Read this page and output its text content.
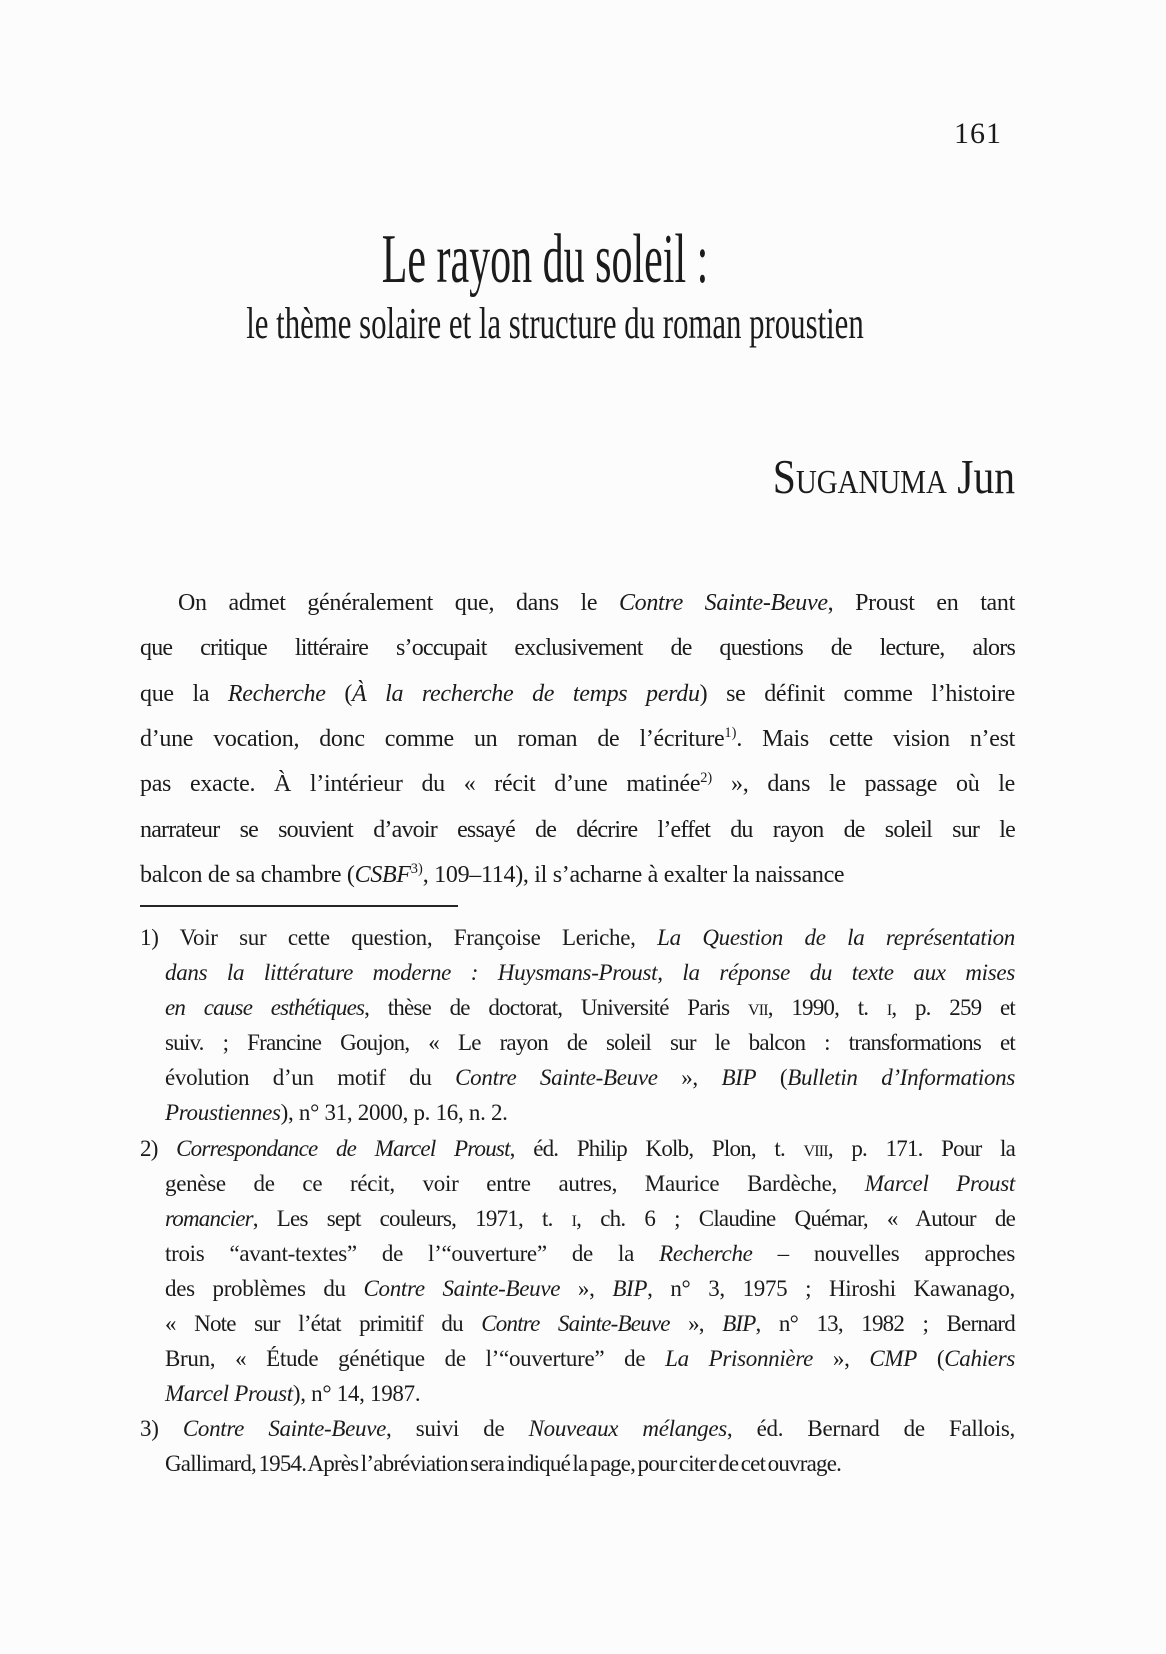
161
Le rayon du soleil :
le thème solaire et la structure du roman proustien
Suganuma Jun
On admet généralement que, dans le Contre Sainte-Beuve, Proust en tant
que critique littéraire s’occupait exclusivement de questions de lecture, alors
que la Recherche (À la recherche de temps perdu) se définit comme l’histoire
d’une vocation, donc comme un roman de l’écriture$^{1)}$. Mais cette vision n’est
pas exacte. À l’intérieur du « récit d’une matinée$^{2)}$ », dans le passage où le
narrateur se souvient d’avoir essayé de décrire l’effet du rayon de soleil sur le
balcon de sa chambre (CSBF$^{3)}$, 109–114), il s’acharne à exalter la naissance
1) Voir sur cette question, Françoise Leriche, La Question de la représentation
dans la littérature moderne : Huysmans-Proust, la réponse du texte aux mises
en cause esthétiques, thèse de doctorat, Université Paris vii, 1990, t. i, p. 259 et
suiv. ; Francine Goujon, « Le rayon de soleil sur le balcon : transformations et
évolution d’un motif du Contre Sainte-Beuve », BIP (Bulletin d’Informations
Proustiennes), n° 31, 2000, p. 16, n. 2.
2) Correspondance de Marcel Proust, éd. Philip Kolb, Plon, t. viii, p. 171. Pour la
genèse de ce récit, voir entre autres, Maurice Bardèche, Marcel Proust
romancier, Les sept couleurs, 1971, t. i, ch. 6 ; Claudine Quémar, « Autour de
trois “avant-textes” de l’“ouverture” de la Recherche – nouvelles approches
des problèmes du Contre Sainte-Beuve », BIP, n° 3, 1975 ; Hiroshi Kawanago,
« Note sur l’état primitif du Contre Sainte-Beuve », BIP, n° 13, 1982 ; Bernard
Brun, « Étude génétique de l’“ouverture” de La Prisonnière », CMP (Cahiers
Marcel Proust), n° 14, 1987.
3) Contre Sainte-Beuve, suivi de Nouveaux mélanges, éd. Bernard de Fallois,
Gallimard, 1954. Après l’abréviation sera indiqué la page, pour citer de cet ouvrage.
